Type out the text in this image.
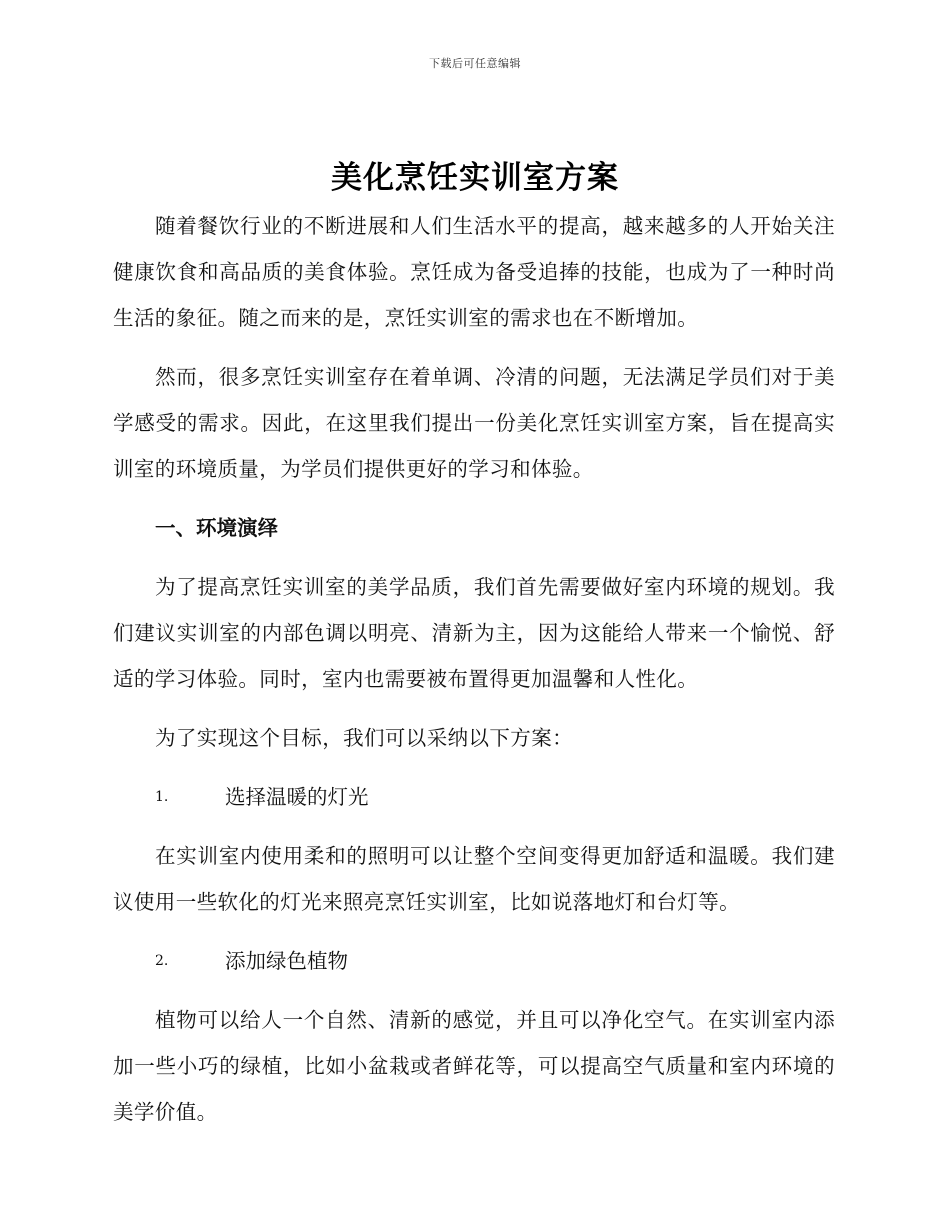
下载后可任意编辑
美化烹饪实训室方案

随着餐饮行业的不断进展和人们生活水平的提高，越来越多的人开始关注健康饮食和高品质的美食体验。烹饪成为备受追捧的技能，也成为了一种时尚生活的象征。随之而来的是，烹饪实训室的需求也在不断增加。

然而，很多烹饪实训室存在着单调、冷清的问题，无法满足学员们对于美学感受的需求。因此，在这里我们提出一份美化烹饪实训室方案，旨在提高实训室的环境质量，为学员们提供更好的学习和体验。

一、环境演绎

为了提高烹饪实训室的美学品质，我们首先需要做好室内环境的规划。我们建议实训室的内部色调以明亮、清新为主，因为这能给人带来一个愉悦、舒适的学习体验。同时，室内也需要被布置得更加温馨和人性化。

为了实现这个目标，我们可以采纳以下方案：

1.	选择温暖的灯光

在实训室内使用柔和的照明可以让整个空间变得更加舒适和温暖。我们建议使用一些软化的灯光来照亮烹饪实训室，比如说落地灯和台灯等。

2.	添加绿色植物

植物可以给人一个自然、清新的感觉，并且可以净化空气。在实训室内添加一些小巧的绿植，比如小盆栽或者鲜花等，可以提高空气质量和室内环境的美学价值。
